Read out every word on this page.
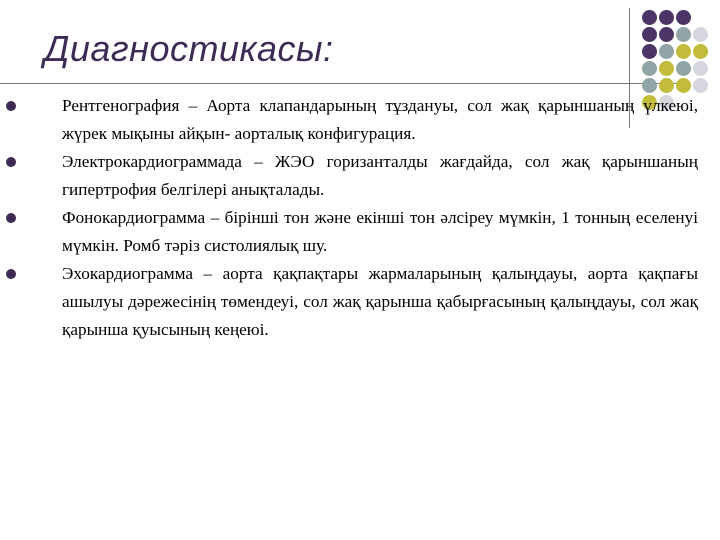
Диагностикасы:

Рентгенография – Аорта клапандарының тұздануы, сол жақ қарыншаның үлкеюі, жүрек мықыны айқын- аорталық конфигурация.

Электрокардиограммада – ЖЭО горизанталды жағдайда, сол жақ қарыншаның гипертрофия белгілері анықталады.

Фонокардиограмма – бірінші тон және екінші тон әлсіреу мүмкін, 1 тонның еселенуі мүмкін. Ромб тәріз систолиялық шу.

Эхокардиограмма – аорта қақпақтары жармаларының қалыңдауы, аорта қақпағы ашылуы дәрежесінің төмендеуі, сол жақ қарынша қабырғасының қалыңдауы, сол жақ қарынша қуысының кеңеюі.
